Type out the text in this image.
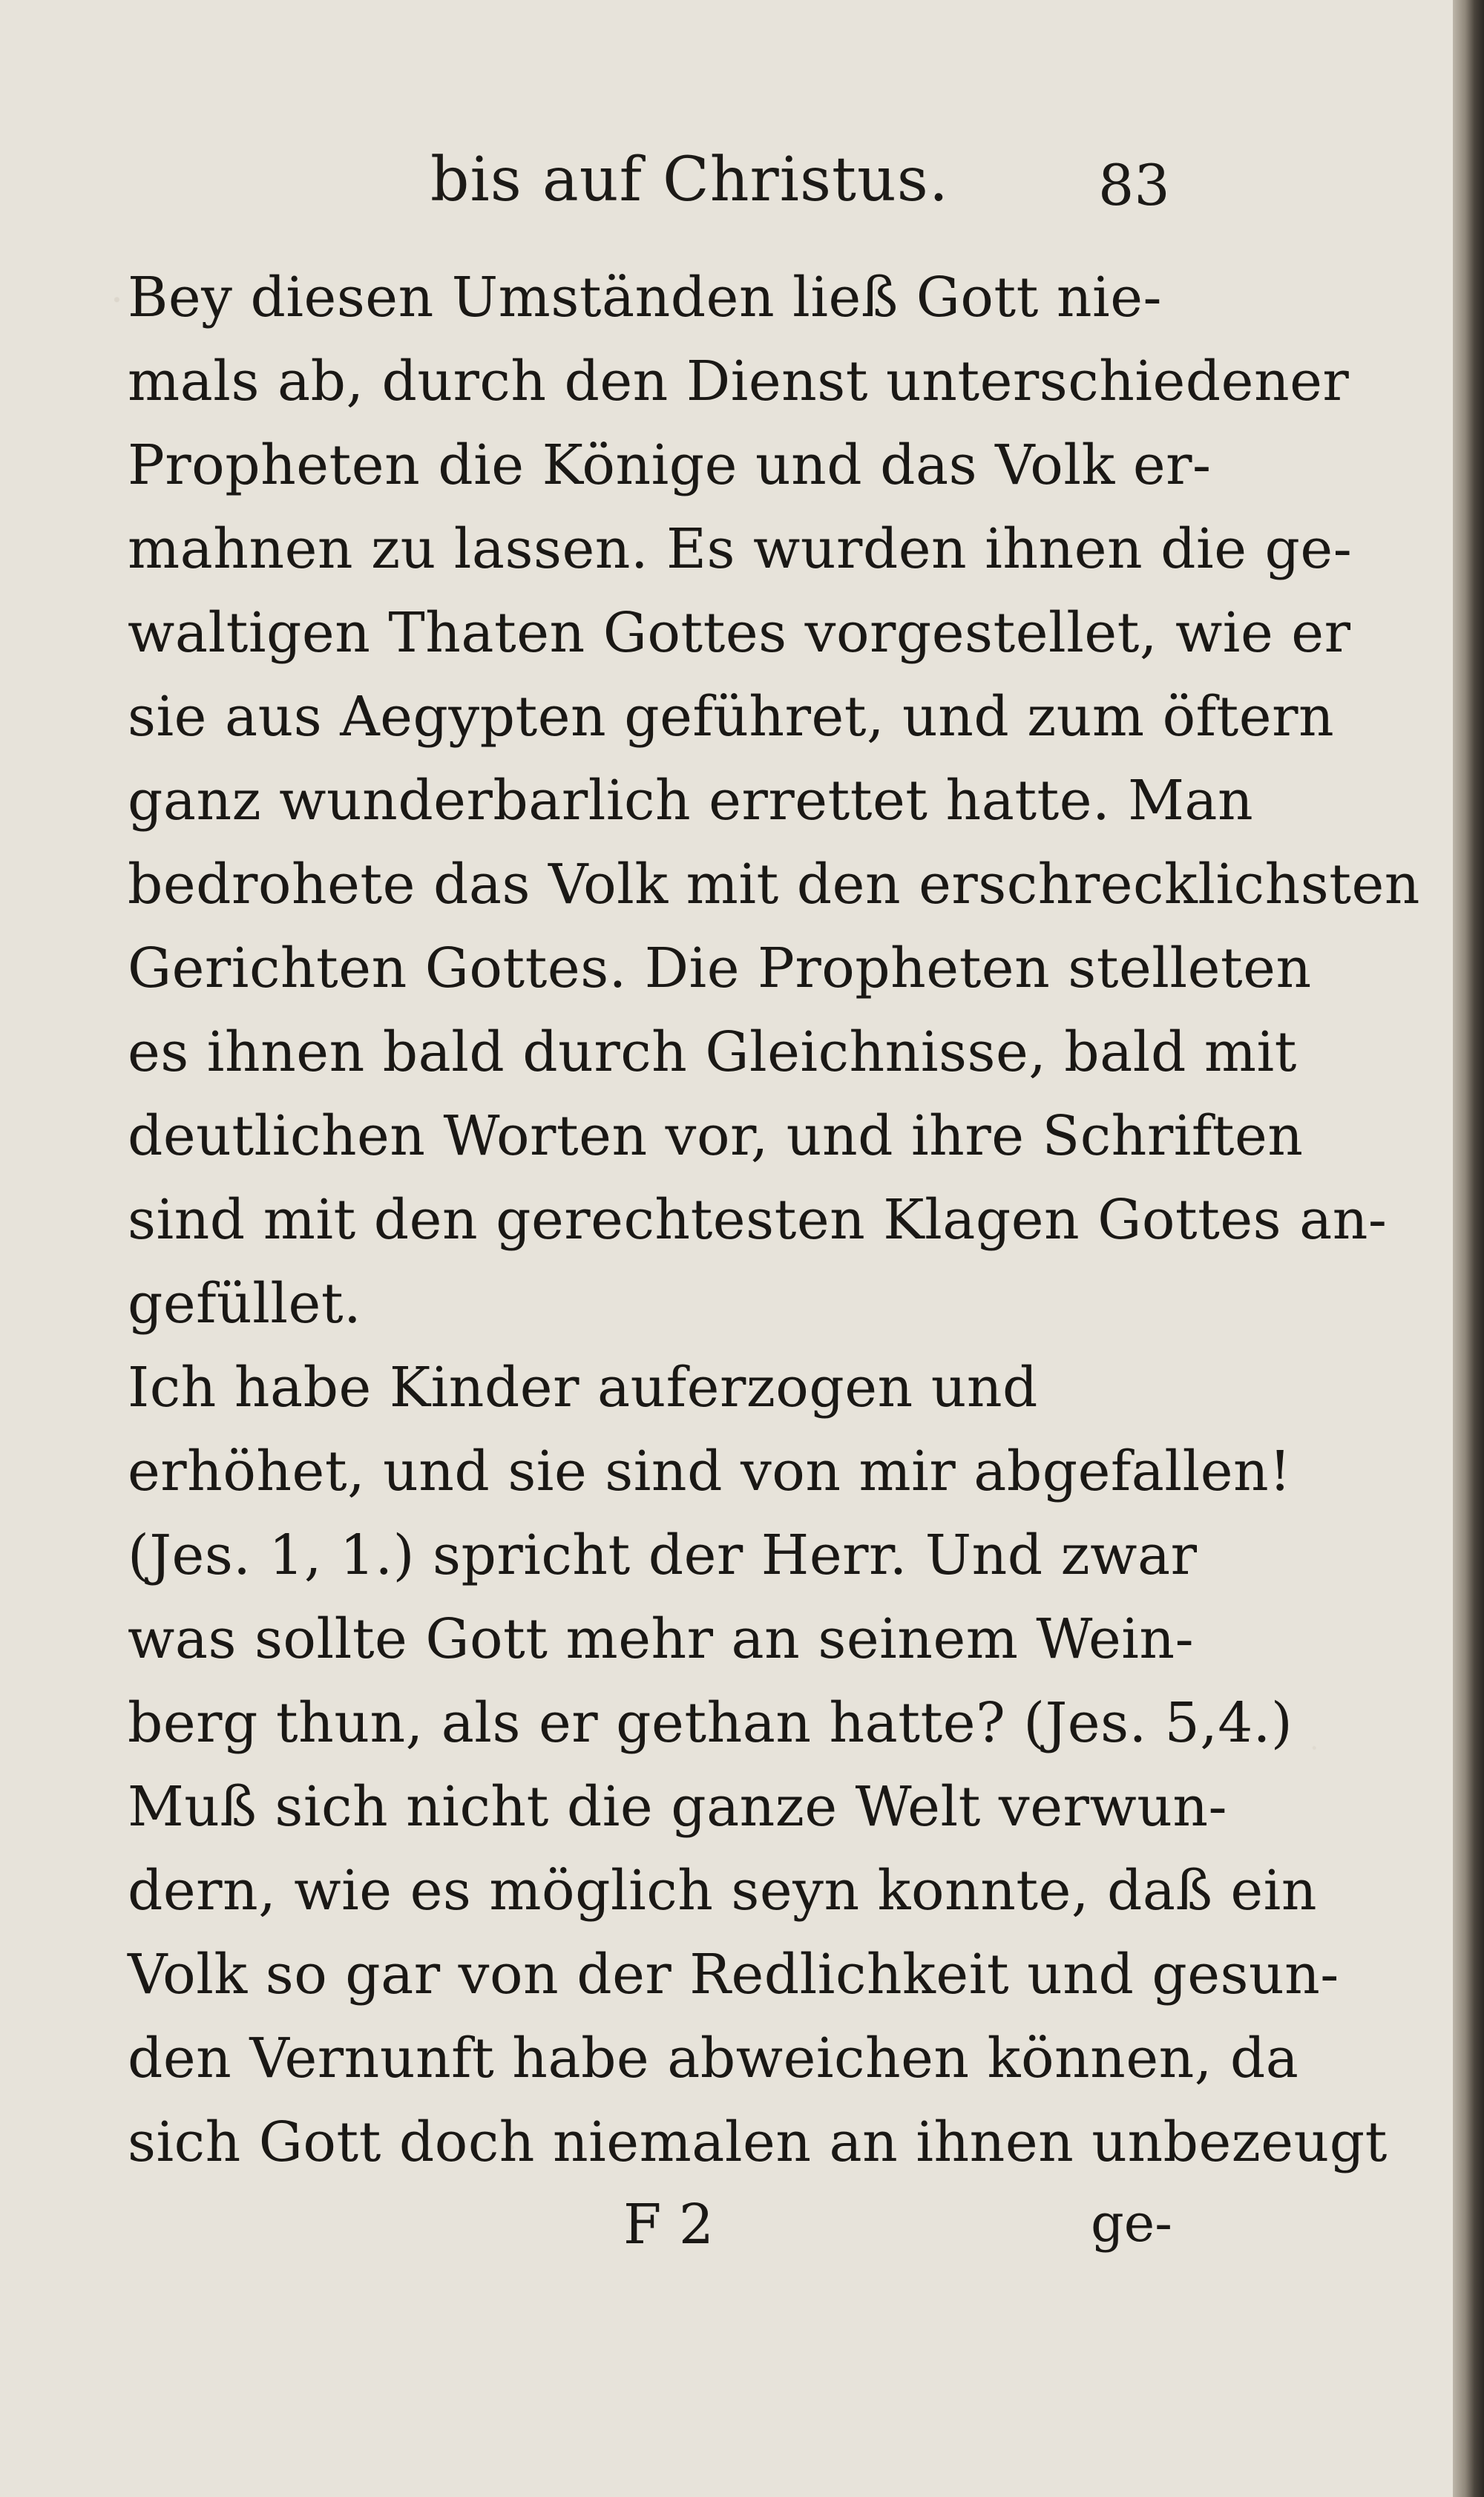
bis auf Christus.	83
Bey diesen Umständen ließ Gott nie-
mals ab, durch den Dienst unterschiedener
Propheten die Könige und das Volk er-
mahnen zu lassen. Es wurden ihnen die ge-
waltigen Thaten Gottes vorgestellet, wie er
sie aus Aegypten geführet, und zum öftern
ganz wunderbarlich errettet hatte. Man
bedrohete das Volk mit den erschrecklichsten
Gerichten Gottes. Die Propheten stelleten
es ihnen bald durch Gleichnisse, bald mit
deutlichen Worten vor, und ihre Schriften
sind mit den gerechtesten Klagen Gottes an-
gefüllet.
Ich habe Kinder auferzogen und
erhöhet, und sie sind von mir abgefallen!
(Jes. 1, 1.) spricht der Herr. Und zwar
was sollte Gott mehr an seinem Wein-
berg thun, als er gethan hatte? (Jes. 5,4.)
Muß sich nicht die ganze Welt verwun-
dern, wie es möglich seyn konnte, daß ein
Volk so gar von der Redlichkeit und gesun-
den Vernunft habe abweichen können, da
sich Gott doch niemalen an ihnen unbezeugt
F 2	ge-
